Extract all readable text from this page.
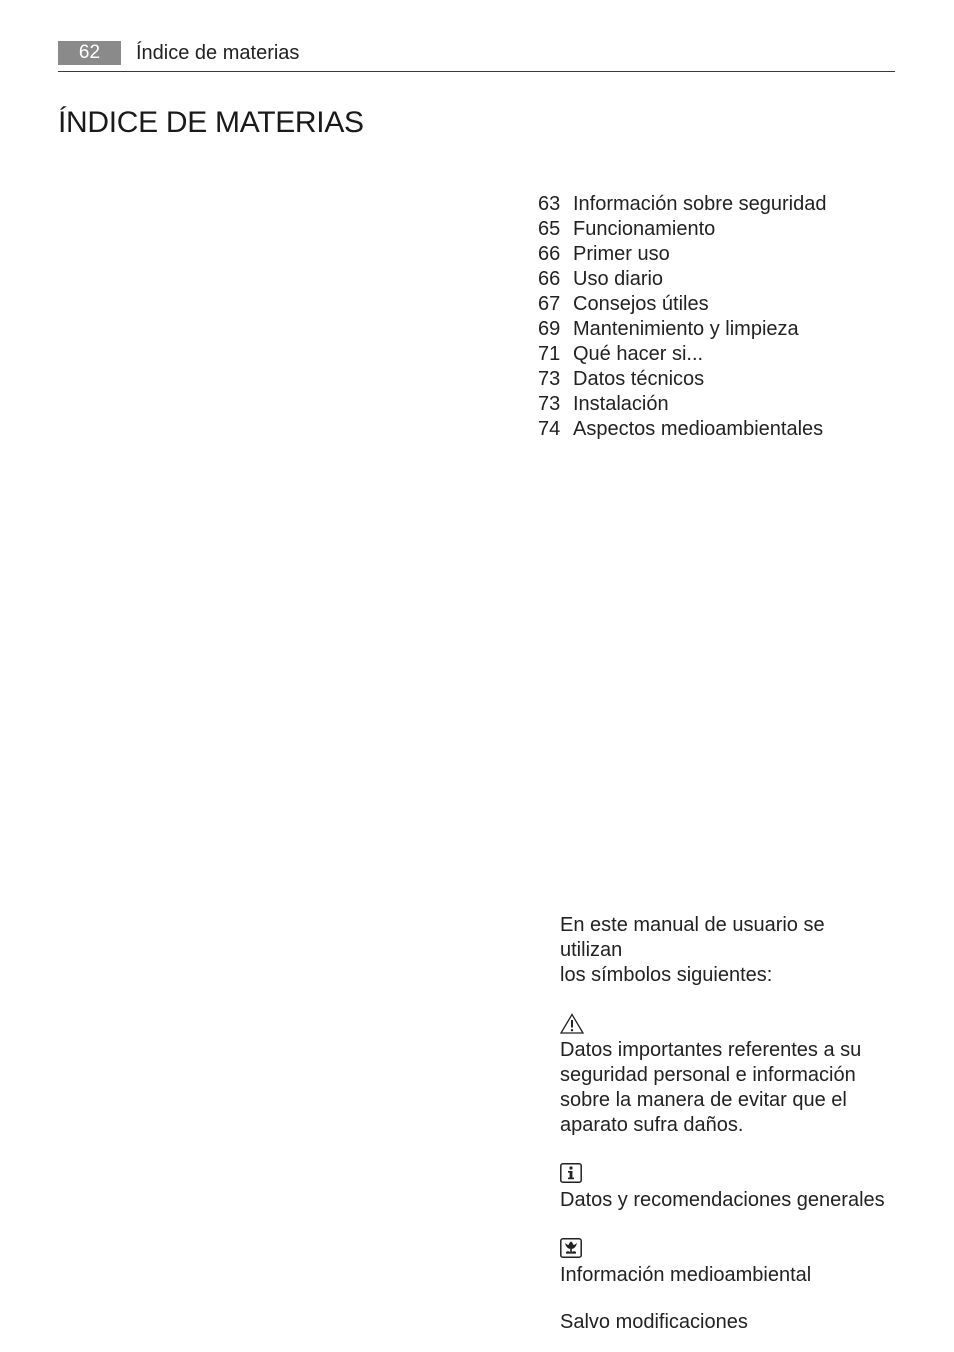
62	Índice de materias
ÍNDICE DE MATERIAS
63 Información sobre seguridad
65 Funcionamiento
66 Primer uso
66 Uso diario
67 Consejos útiles
69 Mantenimiento y limpieza
71 Qué hacer si...
73 Datos técnicos
73 Instalación
74 Aspectos medioambientales

En este manual de usuario se utilizan

los símbolos siguientes:

Datos importantes referentes a su

seguridad personal e información

sobre la manera de evitar que el

aparato sufra daños.

Datos y recomendaciones generales

Información medioambiental

Salvo modificaciones
